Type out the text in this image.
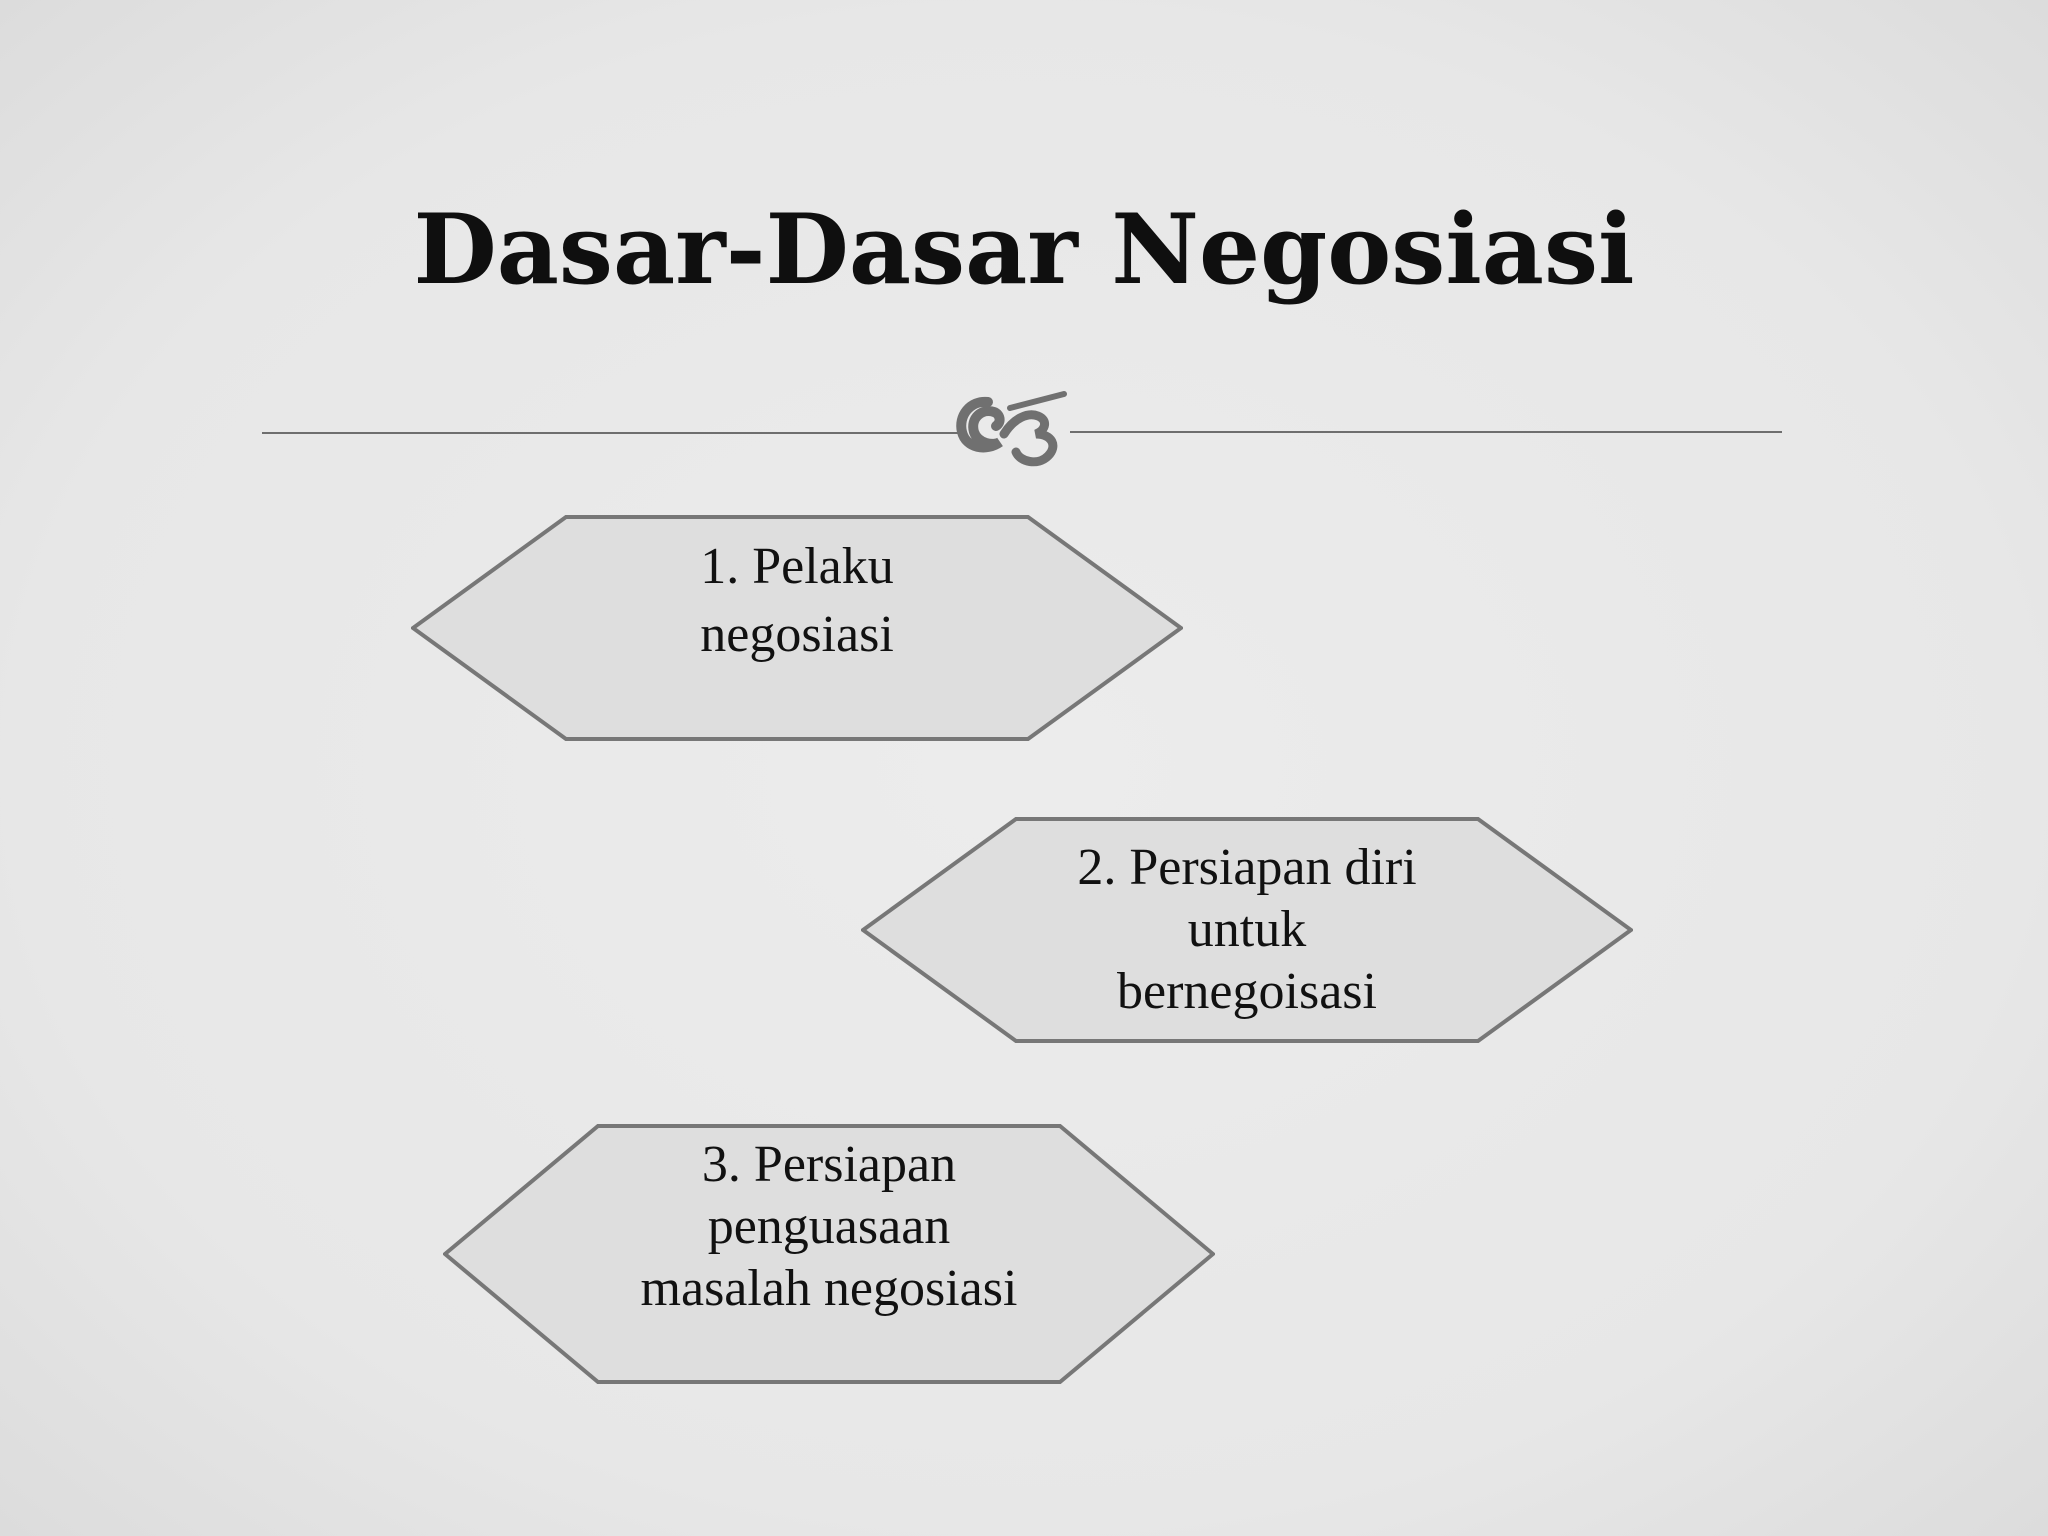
Dasar-Dasar Negosiasi
1. Pelaku
negosiasi
2. Persiapan diri
untuk
bernegoisasi
3. Persiapan
penguasaan
masalah negosiasi
